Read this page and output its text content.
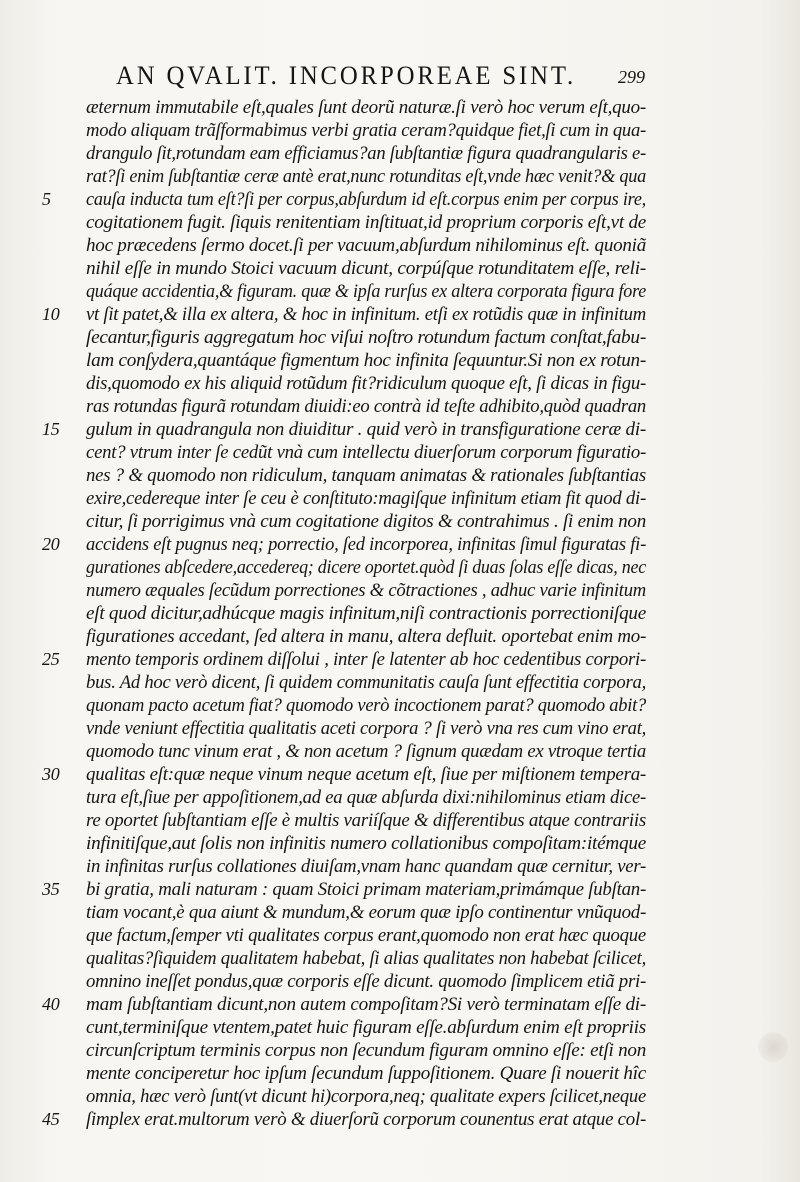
AN QVALIT. INCORPOREAE SINT. 299
æternum immutabile eſt,quales ſunt deorũ naturæ.ſi verò hoc verum eſt,quo-
modo aliquam trãſformabimus verbi gratia ceram?quidque fiet,ſi cum in qua-
drangulo ſit,rotundam eam efficiamus?an ſubſtantiæ figura quadrangularis e-
rat?ſi enim ſubſtantiæ ceræ antè erat,nunc rotunditas eſt,vnde hæc venit?& qua
5	cauſa inducta tum eſt?ſi per corpus,abſurdum id eſt.corpus enim per corpus ire,
cogitationem fugit. ſiquis renitentiam inſtituat,id proprium corporis eſt,vt de
hoc præcedens ſermo docet.ſi per vacuum,abſurdum nihilominus eſt. quoniã
nihil eſſe in mundo Stoici vacuum dicunt, corpúſque rotunditatem eſſe, reli-
quáque accidentia,& figuram. quæ & ipſa rurſus ex altera corporata figura fore
10	vt ſit patet,& illa ex altera, & hoc in infinitum. etſi ex rotũdis quæ in infinitum
ſecantur,figuris aggregatum hoc viſui noſtro rotundum factum conſtat,fabu-
lam conſydera,quantáque figmentum hoc infinita ſequuntur.Si non ex rotun-
dis,quomodo ex his aliquid rotũdum fit?ridiculum quoque eſt, ſi dicas in figu-
ras rotundas figurã rotundam diuidi:eo contrà id teſte adhibito,quòd quadran
15	gulum in quadrangula non diuiditur . quid verò in transfiguratione ceræ di-
cent? vtrum inter ſe cedũt vnà cum intellectu diuerſorum corporum figuratio-
nes ? & quomodo non ridiculum, tanquam animatas & rationales ſubſtantias
exire,cedereque inter ſe ceu è conſtituto:magiſque infinitum etiam fit quod di-
citur, ſi porrigimus vnà cum cogitatione digitos & contrahimus . ſi enim non
20	accidens eſt pugnus neq; porrectio, ſed incorporea, infinitas ſimul figuratas fi-
gurationes abſcedere,accedereq; dicere oportet.quòd ſi duas ſolas eſſe dicas, nec
numero æquales ſecũdum porrectiones & cõtractiones , adhuc varie infinitum
eſt quod dicitur,adhúcque magis infinitum,niſi contractionis porrectioniſque
figurationes accedant, ſed altera in manu, altera defluit. oportebat enim mo-
25	mento temporis ordinem diſſolui , inter ſe latenter ab hoc cedentibus corpori-
bus. Ad hoc verò dicent, ſi quidem communitatis cauſa ſunt effectitia corpora,
quonam pacto acetum fiat? quomodo verò incoctionem parat? quomodo abit?
vnde veniunt effectitia qualitatis aceti corpora ? ſi verò vna res cum vino erat,
quomodo tunc vinum erat , & non acetum ? ſignum quædam ex vtroque tertia
30	qualitas eſt:quæ neque vinum neque acetum eſt, ſiue per miſtionem tempera-
tura eſt,ſiue per appoſitionem,ad ea quæ abſurda dixi:nihilominus etiam dice-
re oportet ſubſtantiam eſſe è multis variíſque & differentibus atque contrariis
infinitiſque,aut ſolis non infinitis numero collationibus compoſitam:itémque
in infinitas rurſus collationes diuiſam,vnam hanc quandam quæ cernitur, ver-
35	bi gratia, mali naturam : quam Stoici primam materiam,primámque ſubſtan-
tiam vocant,è qua aiunt & mundum,& eorum quæ ipſo continentur vnũquod-
que factum,ſemper vti qualitates corpus erant,quomodo non erat hæc quoque
qualitas?ſiquidem qualitatem habebat, ſi alias qualitates non habebat ſcilicet,
omnino ineſſet pondus,quæ corporis eſſe dicunt. quomodo ſimplicem etiã pri-
40	mam ſubſtantiam dicunt,non autem compoſitam?Si verò terminatam eſſe di-
cunt,terminiſque vtentem,patet huic figuram eſſe.abſurdum enim eſt propriis
circunſcriptum terminis corpus non ſecundum figuram omnino eſſe: etſi non
mente conciperetur hoc ipſum ſecundum ſuppoſitionem. Quare ſi nouerit hîc
omnia, hæc verò ſunt(vt dicunt hi)corpora,neq; qualitate expers ſcilicet,neque
45	ſimplex erat.multorum verò & diuerſorũ corporum counentus erat atque col-
